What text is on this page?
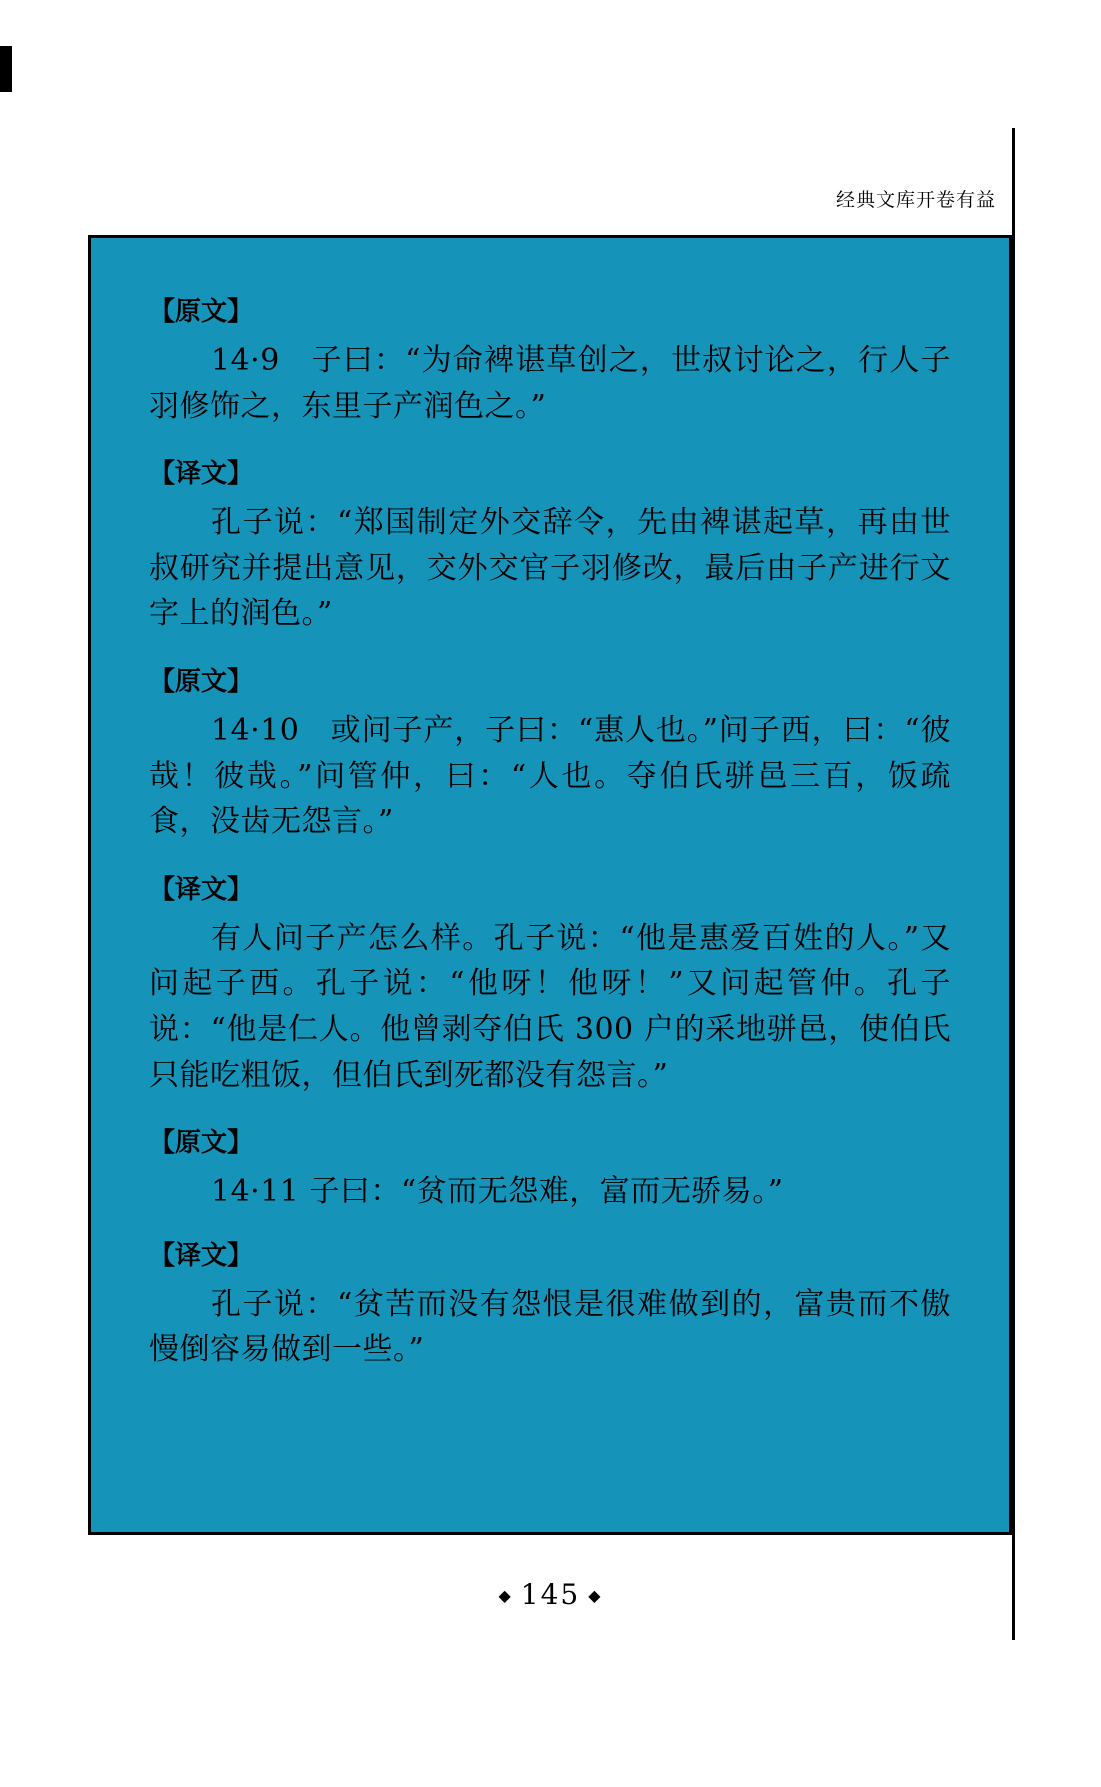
经典文库开卷有益

【原文】

14·9　子曰：“为命裨谌草创之，世叔讨论之，行人子羽修饰之，东里子产润色之。”

【译文】

孔子说：“郑国制定外交辞令，先由裨谌起草，再由世叔研究并提出意见，交外交官子羽修改，最后由子产进行文字上的润色。”

【原文】

14·10　或问子产，子曰：“惠人也。”问子西，曰：“彼哉！彼哉。”问管仲，曰：“人也。夺伯氏骈邑三百，饭疏食，没齿无怨言。”

【译文】

有人问子产怎么样。孔子说：“他是惠爱百姓的人。”又问起子西。孔子说：“他呀！他呀！”又问起管仲。孔子说：“他是仁人。他曾剥夺伯氏 300 户的采地骈邑，使伯氏只能吃粗饭，但伯氏到死都没有怨言。”

【原文】

14·11 子曰：“贫而无怨难，富而无骄易。”

【译文】

孔子说：“贫苦而没有怨恨是很难做到的，富贵而不傲慢倒容易做到一些。”

◆ 145 ◆
